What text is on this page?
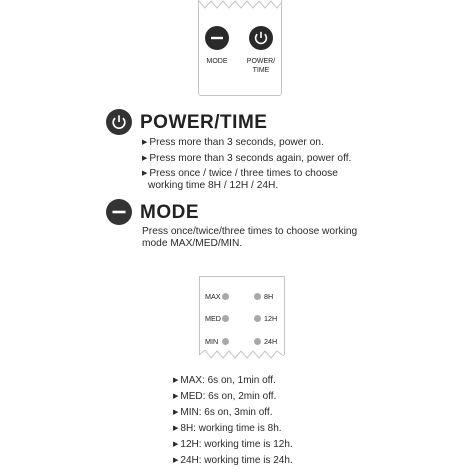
MODE	POWER/
TIME
POWER/TIME
▶ Press more than 3 seconds, power on.
▶ Press more than 3 seconds again, power off.
▶ Press once / twice / three times to choose
working time 8H / 12H / 24H.
MODE
Press once/twice/three times to choose working
mode MAX/MED/MIN.
MAX
MED
MIN
8H
12H
24H
▶ MAX: 6s on, 1min off.
▶ MED: 6s on, 2min off.
▶ MIN: 6s on, 3min off.
▶ 8H: working time is 8h.
▶ 12H: working time is 12h.
▶ 24H: working time is 24h.
